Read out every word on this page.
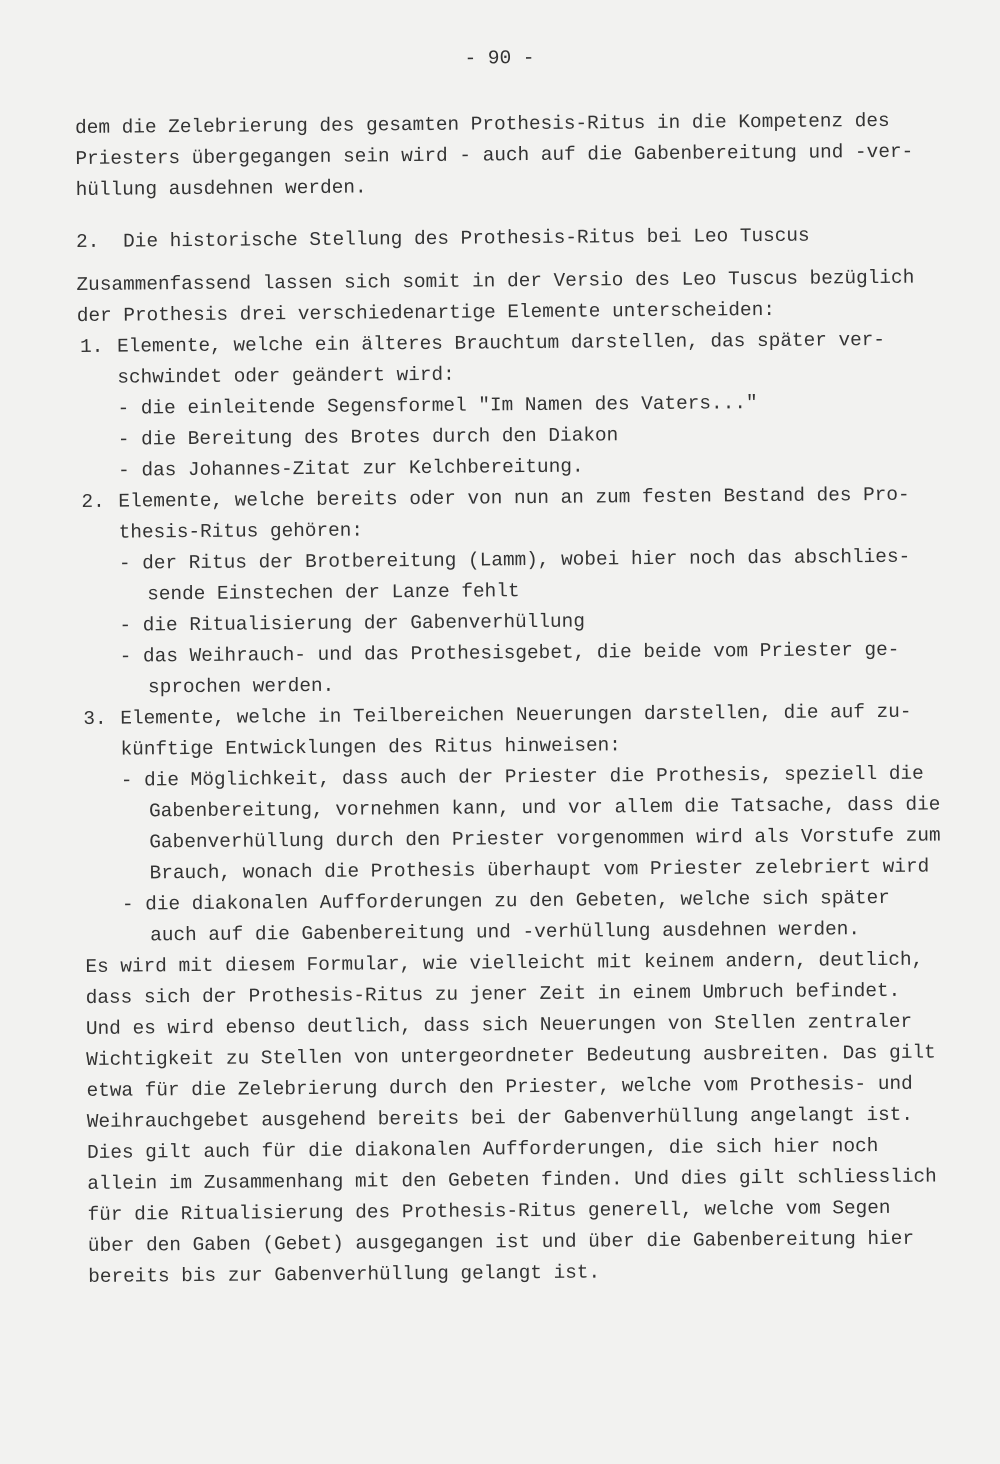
- 90 -
dem die Zelebrierung des gesamten Prothesis-Ritus in die Kompetenz des
Priesters übergegangen sein wird - auch auf die Gabenbereitung und -ver-
hüllung ausdehnen werden.

2.

Die historische Stellung des Prothesis-Ritus bei Leo Tuscus

Zusammenfassend lassen sich somit in der Versio des Leo Tuscus bezüglich
der Prothesis drei verschiedenartige Elemente unterscheiden:
1. Elemente, welche ein älteres Brauchtum darstellen, das später ver-
schwindet oder geändert wird:
- die einleitende Segensformel "Im Namen des Vaters..."
- die Bereitung des Brotes durch den Diakon
- das Johannes-Zitat zur Kelchbereitung.
2. Elemente, welche bereits oder von nun an zum festen Bestand des Pro-
thesis-Ritus gehören:
- der Ritus der Brotbereitung (Lamm), wobei hier noch das abschlies-
sende Einstechen der Lanze fehlt
- die Ritualisierung der Gabenverhüllung
- das Weihrauch- und das Prothesisgebet, die beide vom Priester ge-
sprochen werden.
3. Elemente, welche in Teilbereichen Neuerungen darstellen, die auf zu-
künftige Entwicklungen des Ritus hinweisen:
- die Möglichkeit, dass auch der Priester die Prothesis, speziell die
Gabenbereitung, vornehmen kann, und vor allem die Tatsache, dass die
Gabenverhüllung durch den Priester vorgenommen wird als Vorstufe zum
Brauch, wonach die Prothesis überhaupt vom Priester zelebriert wird
- die diakonalen Aufforderungen zu den Gebeten, welche sich später
auch auf die Gabenbereitung und -verhüllung ausdehnen werden.
Es wird mit diesem Formular, wie vielleicht mit keinem andern, deutlich,
dass sich der Prothesis-Ritus zu jener Zeit in einem Umbruch befindet.
Und es wird ebenso deutlich, dass sich Neuerungen von Stellen zentraler
Wichtigkeit zu Stellen von untergeordneter Bedeutung ausbreiten. Das gilt
etwa für die Zelebrierung durch den Priester, welche vom Prothesis- und
Weihrauchgebet ausgehend bereits bei der Gabenverhüllung angelangt ist.
Dies gilt auch für die diakonalen Aufforderungen, die sich hier noch
allein im Zusammenhang mit den Gebeten finden. Und dies gilt schliesslich
für die Ritualisierung des Prothesis-Ritus generell, welche vom Segen
über den Gaben (Gebet) ausgegangen ist und über die Gabenbereitung hier
bereits bis zur Gabenverhüllung gelangt ist.
